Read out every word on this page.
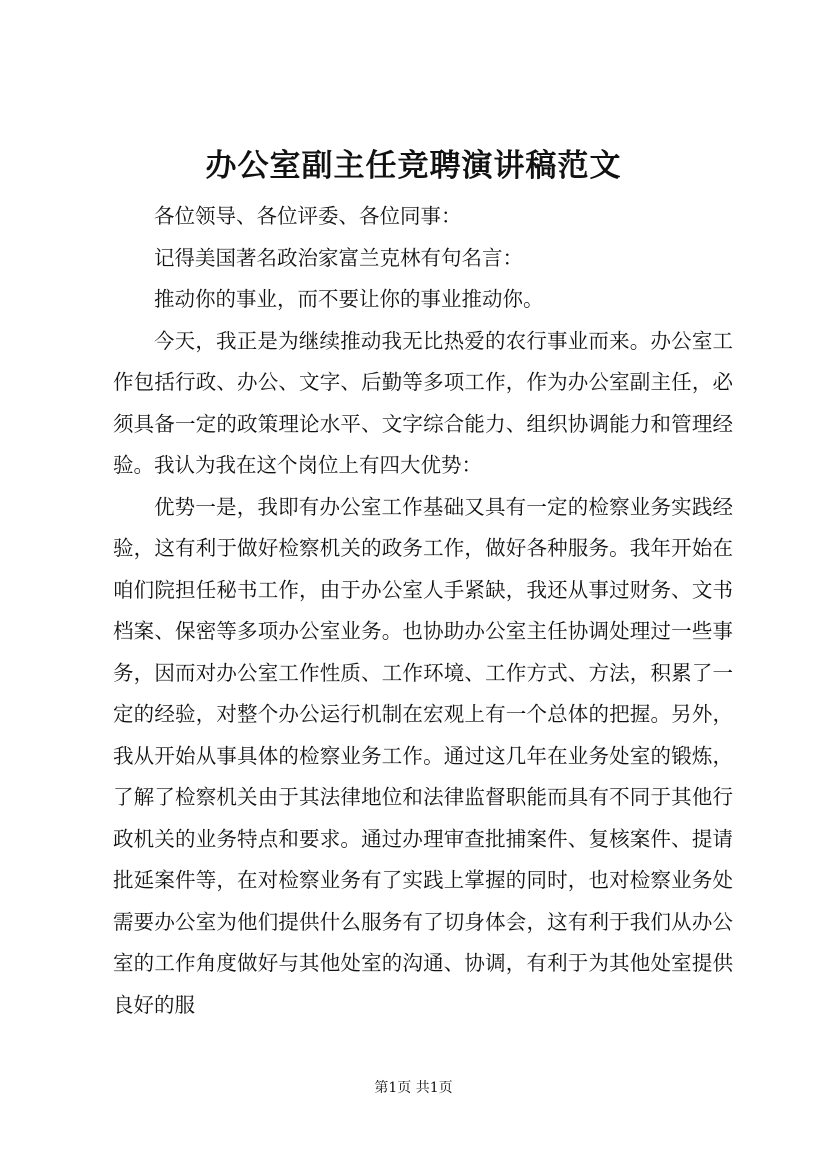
办公室副主任竞聘演讲稿范文

各位领导、各位评委、各位同事：

记得美国著名政治家富兰克林有句名言：

推动你的事业，而不要让你的事业推动你。

今天，我正是为继续推动我无比热爱的农行事业而来。办公室工作包括行政、办公、文字、后勤等多项工作，作为办公室副主任，必须具备一定的政策理论水平、文字综合能力、组织协调能力和管理经验。我认为我在这个岗位上有四大优势：

优势一是，我即有办公室工作基础又具有一定的检察业务实践经验，这有利于做好检察机关的政务工作，做好各种服务。我年开始在咱们院担任秘书工作，由于办公室人手紧缺，我还从事过财务、文书档案、保密等多项办公室业务。也协助办公室主任协调处理过一些事务，因而对办公室工作性质、工作环境、工作方式、方法，积累了一定的经验，对整个办公运行机制在宏观上有一个总体的把握。另外，我从开始从事具体的检察业务工作。通过这几年在业务处室的锻炼，了解了检察机关由于其法律地位和法律监督职能而具有不同于其他行政机关的业务特点和要求。通过办理审查批捕案件、复核案件、提请批延案件等，在对检察业务有了实践上掌握的同时，也对检察业务处需要办公室为他们提供什么服务有了切身体会，这有利于我们从办公室的工作角度做好与其他处室的沟通、协调，有利于为其他处室提供良好的服

第1页 共1页
